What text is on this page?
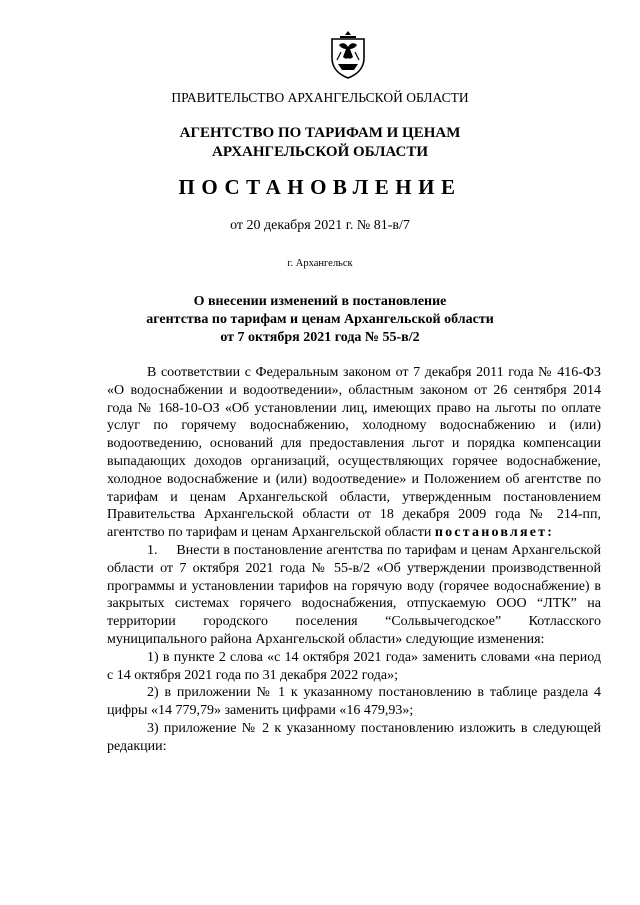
ПРАВИТЕЛЬСТВО АРХАНГЕЛЬСКОЙ ОБЛАСТИ
АГЕНТСТВО ПО ТАРИФАМ И ЦЕНАМ
АРХАНГЕЛЬСКОЙ ОБЛАСТИ
ПОСТАНОВЛЕНИЕ
от 20 декабря 2021 г. № 81-в/7
г. Архангельск
О внесении изменений в постановление
агентства по тарифам и ценам Архангельской области
от 7 октября 2021 года № 55-в/2

В соответствии с Федеральным законом от 7 декабря 2011 года № 416-ФЗ «О водоснабжении и водоотведении», областным законом от 26 сентября 2014 года № 168-10-ОЗ «Об установлении лиц, имеющих право на льготы по оплате услуг по горячему водоснабжению, холодному водоснабжению и (или) водоотведению, оснований для предоставления льгот и порядка компенсации выпадающих доходов организаций, осуществляющих горячее водоснабжение, холодное водоснабжение и (или) водоотведение» и Положением об агентстве по тарифам и ценам Архангельской области, утвержденным постановлением Правительства Архангельской области от 18 декабря 2009 года № 214-пп, агентство по тарифам и ценам Архангельской области постановляет:

1.     Внести в постановление агентства по тарифам и ценам Архангельской области от 7 октября 2021 года № 55-в/2 «Об утверждении производственной программы и установлении тарифов на горячую воду (горячее водоснабжение) в закрытых системах горячего водоснабжения, отпускаемую ООО “ЛТК” на территории городского поселения “Сольвычегодское” Котласского муниципального района Архангельской области» следующие изменения:

1) в пункте 2 слова «с 14 октября 2021 года» заменить словами «на период с 14 октября 2021 года по 31 декабря 2022 года»;

2) в приложении № 1 к указанному постановлению в таблице раздела 4 цифры «14 779,79» заменить цифрами «16 479,93»;

3) приложение № 2 к указанному постановлению изложить в следующей редакции:
